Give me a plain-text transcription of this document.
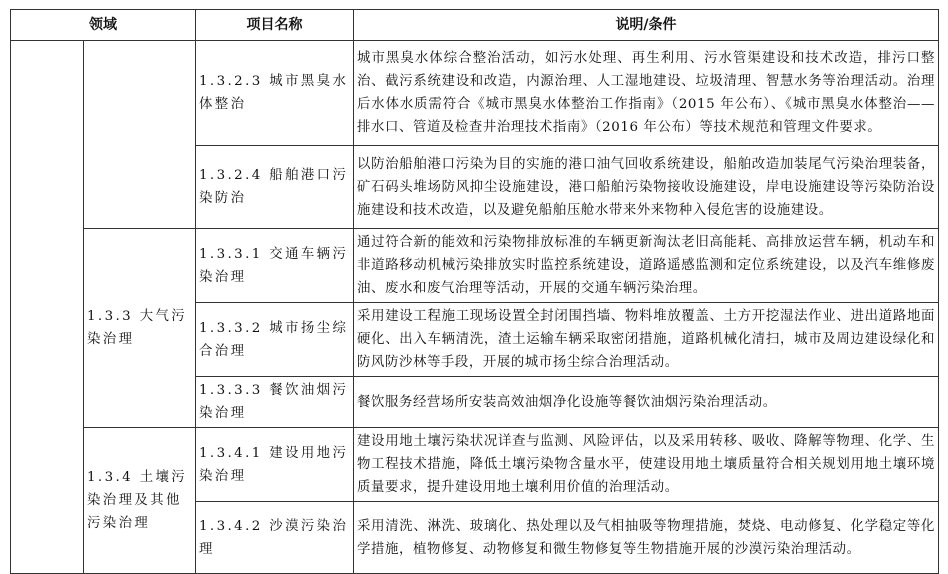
领域		项目名称	说明/条件
		1.3.2.3 城市黑臭水体整治	城市黑臭水体综合整治活动，如污水处理、再生利用、污水管渠建设和技术改造，排污口整治、截污系统建设和改造，内源治理、人工湿地建设、垃圾清理、智慧水务等治理活动。治理后水体水质需符合《城市黑臭水体整治工作指南》（2015 年公布）、《城市黑臭水体整治——排水口、管道及检查井治理技术指南》（2016 年公布）等技术规范和管理文件要求。
		1.3.2.4 船舶港口污染防治	以防治船舶港口污染为目的实施的港口油气回收系统建设，船舶改造加装尾气污染治理装备，矿石码头堆场防风抑尘设施建设，港口船舶污染物接收设施建设，岸电设施建设等污染防治设施建设和技术改造，以及避免船舶压舱水带来外来物种入侵危害的设施建设。
	1.3.3 大气污染治理	1.3.3.1 交通车辆污染治理	通过符合新的能效和污染物排放标准的车辆更新淘汰老旧高能耗、高排放运营车辆，机动车和非道路移动机械污染排放实时监控系统建设，道路遥感监测和定位系统建设，以及汽车维修废油、废水和废气治理等活动，开展的交通车辆污染治理。
		1.3.3.2 城市扬尘综合治理	采用建设工程施工现场设置全封闭围挡墙、物料堆放覆盖、土方开挖湿法作业、进出道路地面硬化、出入车辆清洗，渣土运输车辆采取密闭措施，道路机械化清扫，城市及周边建设绿化和防风防沙林等手段，开展的城市扬尘综合治理活动。
		1.3.3.3 餐饮油烟污染治理	餐饮服务经营场所安装高效油烟净化设施等餐饮油烟污染治理活动。
	1.3.4 土壤污染治理及其他污染治理	1.3.4.1 建设用地污染治理	建设用地土壤污染状况详查与监测、风险评估，以及采用转移、吸收、降解等物理、化学、生物工程技术措施，降低土壤污染物含量水平，使建设用地土壤质量符合相关规划用地土壤环境质量要求，提升建设用地土壤利用价值的治理活动。
		1.3.4.2 沙漠污染治理	采用清洗、淋洗、玻璃化、热处理以及气相抽吸等物理措施，焚烧、电动修复、化学稳定等化学措施，植物修复、动物修复和微生物修复等生物措施开展的沙漠污染治理活动。
